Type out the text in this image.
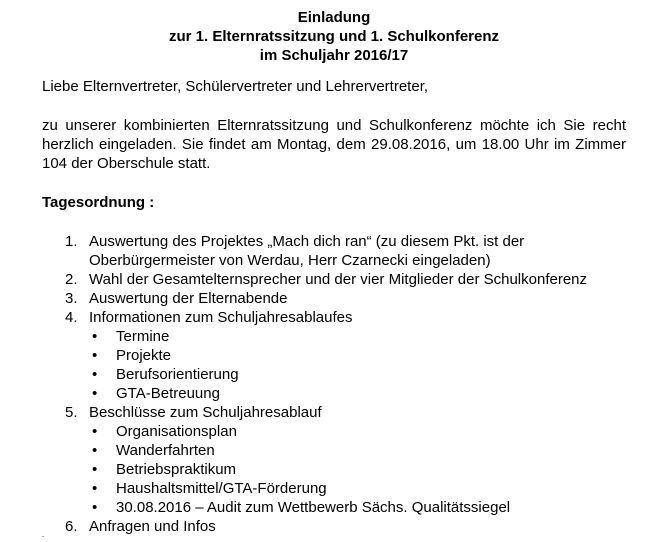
Einladung
zur 1. Elternratssitzung und 1. Schulkonferenz
im Schuljahr 2016/17
Liebe Elternvertreter, Schülervertreter und Lehrervertreter,
zu unserer kombinierten Elternratssitzung und Schulkonferenz möchte ich Sie recht herzlich eingeladen. Sie findet am Montag, dem 29.08.2016, um 18.00 Uhr im Zimmer 104 der Oberschule statt.
Tagesordnung :
1. Auswertung des Projektes „Mach dich ran“ (zu diesem Pkt. ist der Oberbürgermeister von Werdau, Herr Czarnecki eingeladen)
2. Wahl der Gesamtelternsprecher und der vier Mitglieder der Schulkonferenz
3. Auswertung der Elternabende
4. Informationen zum Schuljahresablaufes
• Termine
• Projekte
• Berufsorientierung
• GTA-Betreuung
5. Beschlüsse zum Schuljahresablauf
• Organisationsplan
• Wanderfahrten
• Betriebspraktikum
• Haushaltsmittel/GTA-Förderung
• 30.08.2016 – Audit zum Wettbewerb Sächs. Qualitätssiegel
6. Anfragen und Infos
.
